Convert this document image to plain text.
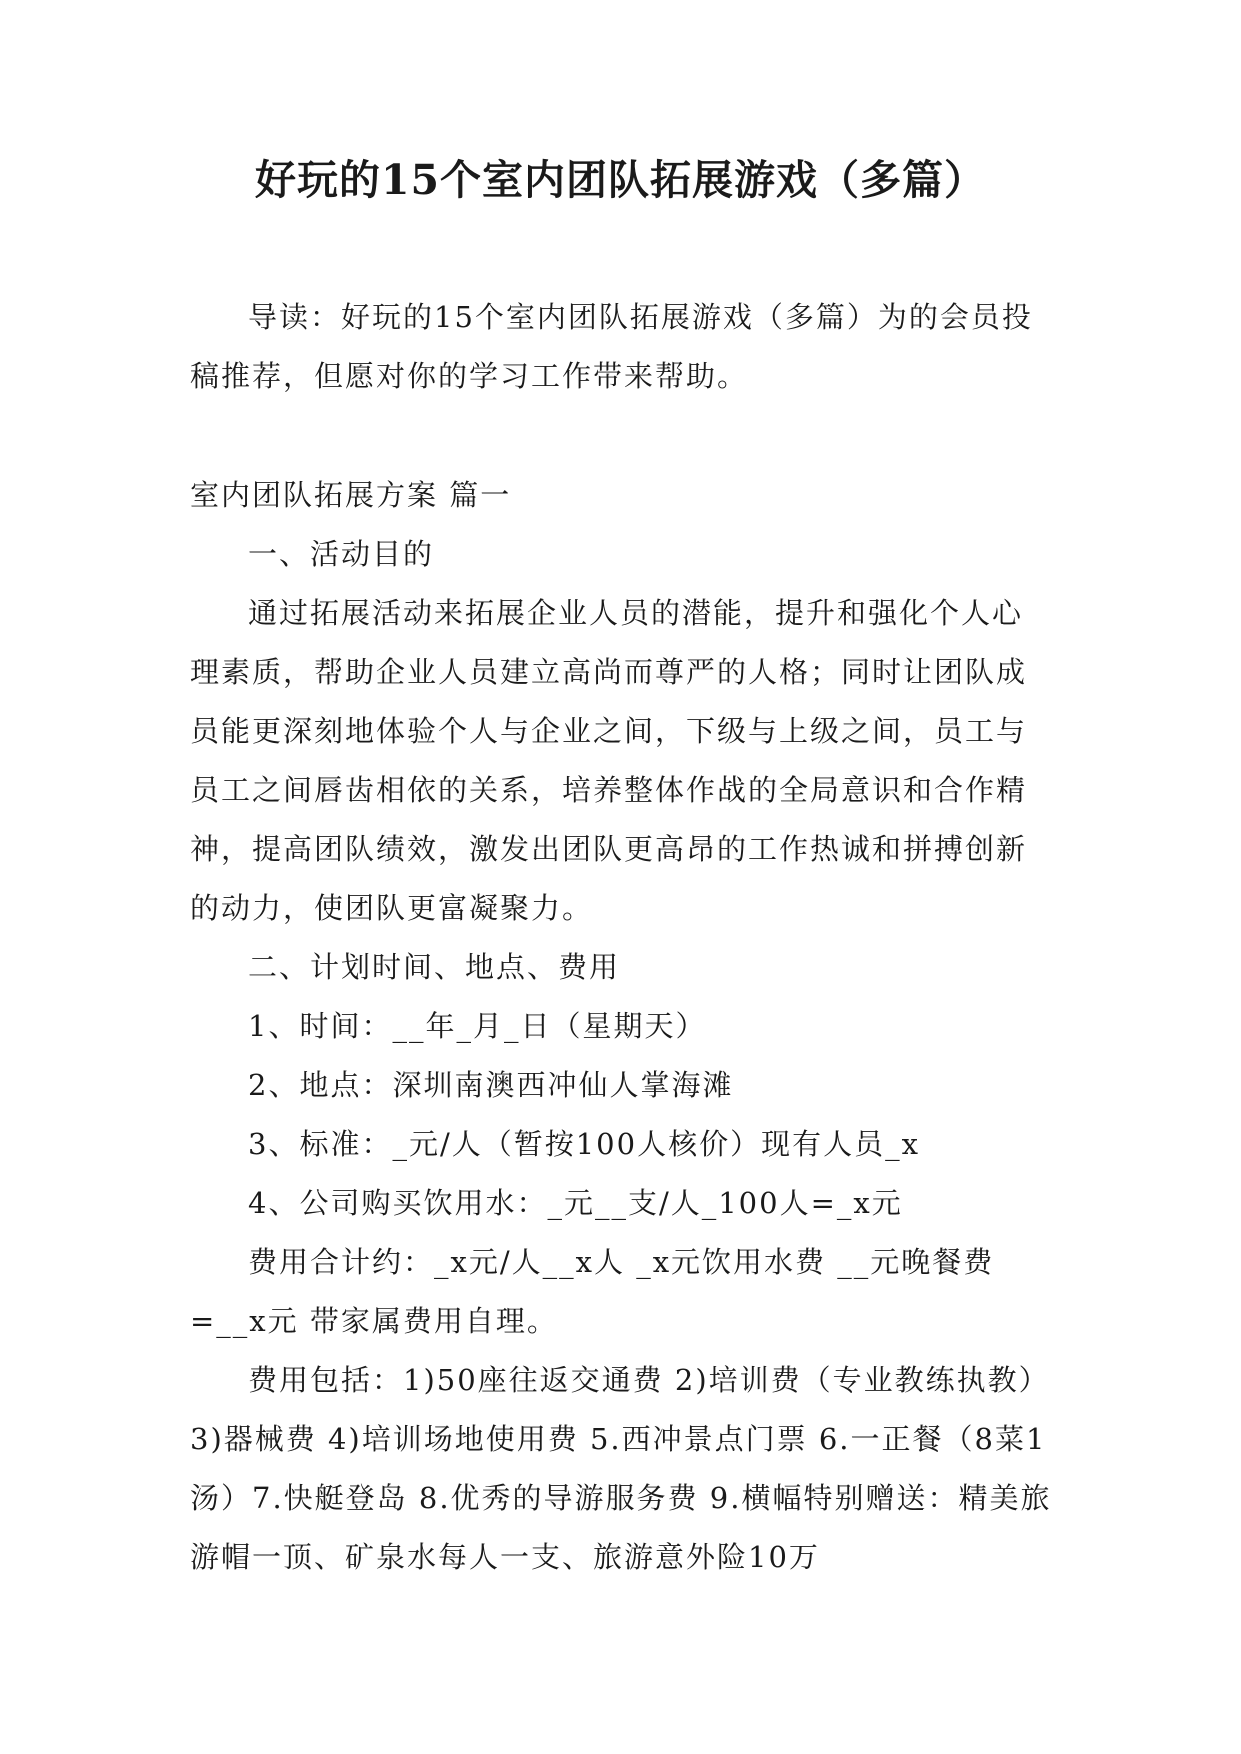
好玩的15个室内团队拓展游戏（多篇）

导读：好玩的15个室内团队拓展游戏（多篇）为的会员投稿推荐，但愿对你的学习工作带来帮助。

室内团队拓展方案 篇一

一、活动目的

通过拓展活动来拓展企业人员的潜能，提升和强化个人心理素质，帮助企业人员建立高尚而尊严的人格；同时让团队成员能更深刻地体验个人与企业之间，下级与上级之间，员工与员工之间唇齿相依的关系，培养整体作战的全局意识和合作精神，提高团队绩效，激发出团队更高昂的工作热诚和拼搏创新的动力，使团队更富凝聚力。

二、计划时间、地点、费用

1、时间：__年_月_日（星期天）

2、地点：深圳南澳西冲仙人掌海滩

3、标准：_元/人（暂按100人核价）现有人员_x

4、公司购买饮用水：_元__支/人_100人=_x元

费用合计约：_x元/人__x人 _x元饮用水费 __元晚餐费=__x元 带家属费用自理。

费用包括：1)50座往返交通费 2)培训费（专业教练执教）3)器械费 4)培训场地使用费 5.西冲景点门票 6.一正餐（8菜1汤）7.快艇登岛 8.优秀的导游服务费 9.横幅特别赠送：精美旅游帽一顶、矿泉水每人一支、旅游意外险10万
